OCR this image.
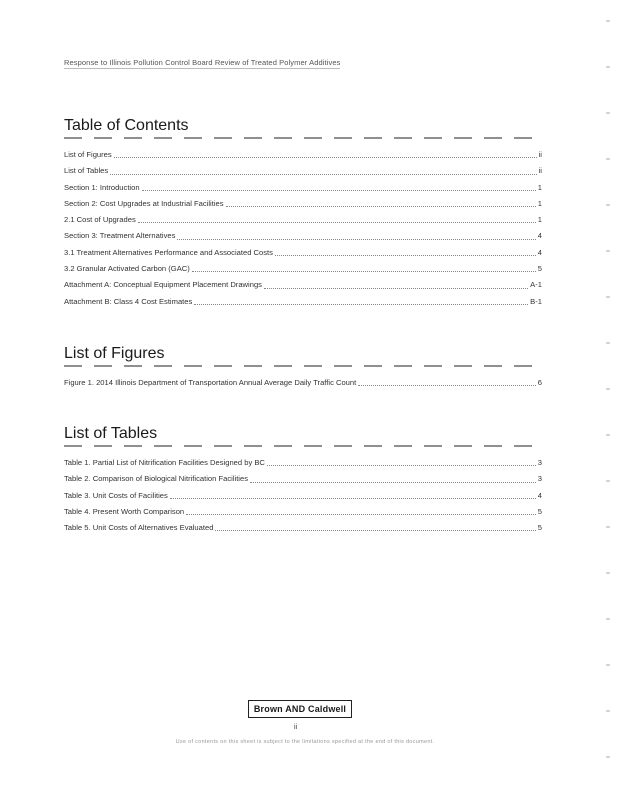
Response to Illinois Pollution Control Board Review of Treated Polymer Additives
Table of Contents
List of Figures	ii
List of Tables	ii
Section 1: Introduction	1
Section 2: Cost Upgrades at Industrial Facilities	1
2.1 Cost of Upgrades	1
Section 3: Treatment Alternatives	4
3.1 Treatment Alternatives Performance and Associated Costs	4
3.2 Granular Activated Carbon (GAC)	5
Attachment A: Conceptual Equipment Placement Drawings	A-1
Attachment B: Class 4 Cost Estimates	B-1
List of Figures
Figure 1. 2014 Illinois Department of Transportation Annual Average Daily Traffic Count	6
List of Tables
Table 1. Partial List of Nitrification Facilities Designed by BC	3
Table 2. Comparison of Biological Nitrification Facilities	3
Table 3. Unit Costs of Facilities	4
Table 4. Present Worth Comparison	5
Table 5. Unit Costs of Alternatives Evaluated	5
Brown AND Caldwell
ii
Use of contents on this sheet is subject to the limitations specified at the end of this document.
